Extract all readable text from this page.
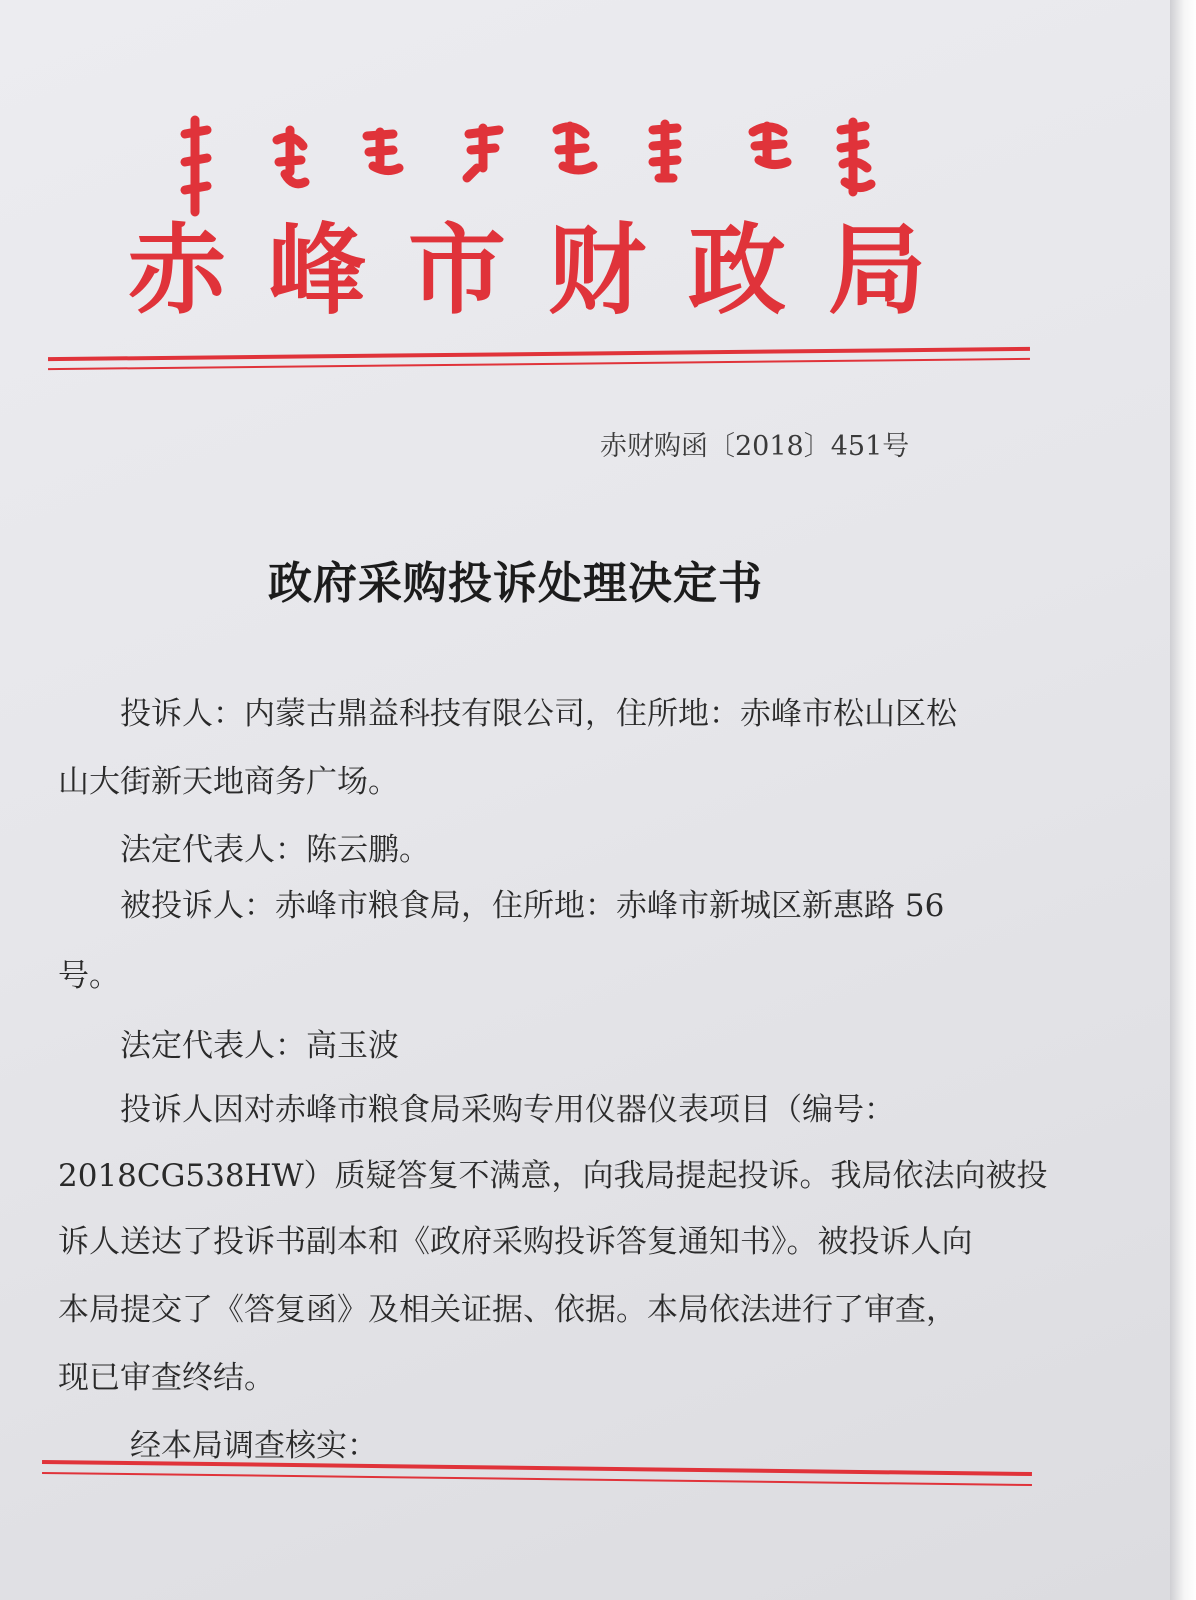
赤峰市财政局
赤财购函〔2018〕451号
政府采购投诉处理决定书
投诉人：内蒙古鼎益科技有限公司，住所地：赤峰市松山区松
山大街新天地商务广场。
法定代表人：陈云鹏。
被投诉人：赤峰市粮食局，住所地：赤峰市新城区新惠路 56
号。
法定代表人：高玉波
投诉人因对赤峰市粮食局采购专用仪器仪表项目（编号：
2018CG538HW）质疑答复不满意，向我局提起投诉。我局依法向被投
诉人送达了投诉书副本和《政府采购投诉答复通知书》。被投诉人向
本局提交了《答复函》及相关证据、依据。本局依法进行了审查，
现已审查终结。
经本局调查核实：
